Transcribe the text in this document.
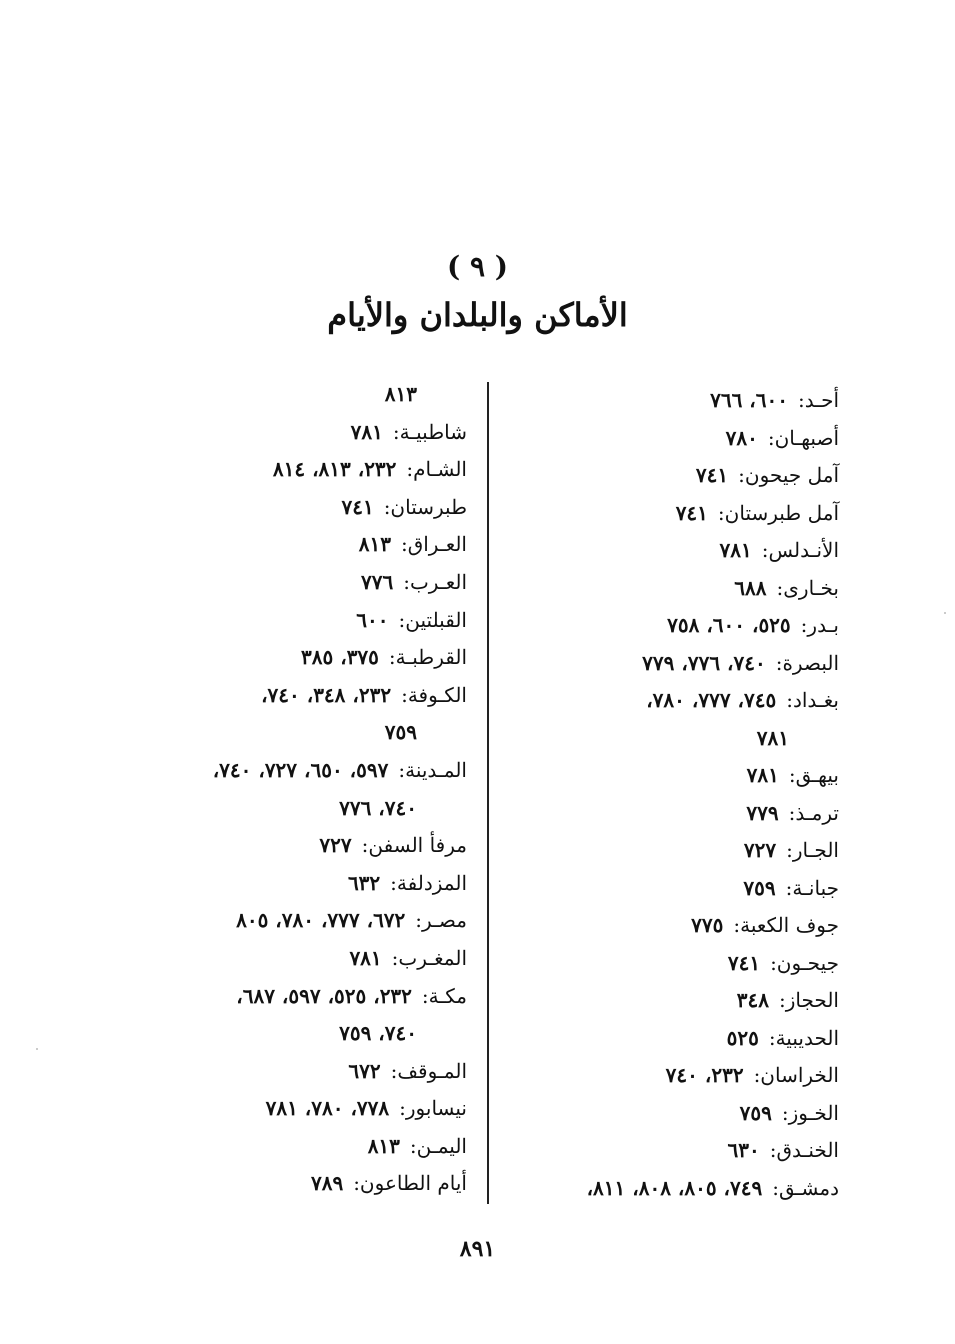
( ٩ )
الأماكن والبلدان والأيام
أحـد:٦٠٠، ٧٦٦
أصبهـان:٧٨٠
آمل جيحون:٧٤١
آمل طبرستان:٧٤١
الأنـدلس:٧٨١
بخـارى:٦٨٨
بـدر:٥٢٥، ٦٠٠، ٧٥٨
البصرة:٧٤٠، ٧٧٦، ٧٧٩
بغـداد:٧٤٥، ٧٧٧، ٧٨٠،
٧٨١
بيهـق:٧٨١
ترمـذ:٧٧٩
الجـار:٧٢٧
جبانـة:٧٥٩
جوف الكعبة:٧٧٥
جيحـون:٧٤١
الحجاز:٣٤٨
الحديبية:٥٢٥
الخراسان:٢٣٢، ٧٤٠
الخـوز:٧٥٩
الخنـدق:٦٣٠
دمشـق:٧٤٩، ٨٠٥، ٨٠٨، ٨١١،
٨١٣
شاطبيـة:٧٨١
الشـام:٢٣٢، ٨١٣، ٨١٤
طبرستان:٧٤١
العـراق:٨١٣
العـرب:٧٧٦
القبلتين:٦٠٠
القرطبـة:٣٧٥، ٣٨٥
الكـوفة:٢٣٢، ٣٤٨، ٧٤٠،
٧٥٩
المـدينة:٥٩٧، ٦٥٠، ٧٢٧، ٧٤٠،
٧٤٠، ٧٧٦
مرفأ السفن:٧٢٧
المزدلفة:٦٣٢
مصـر:٦٧٢، ٧٧٧، ٧٨٠، ٨٠٥
المغـرب:٧٨١
مكـة:٢٣٢، ٥٢٥، ٥٩٧، ٦٨٧،
٧٤٠، ٧٥٩
المـوقف:٦٧٢
نيسابور:٧٧٨، ٧٨٠، ٧٨١
اليمـن:٨١٣
أيام الطاعون:٧٨٩
٨٩١
